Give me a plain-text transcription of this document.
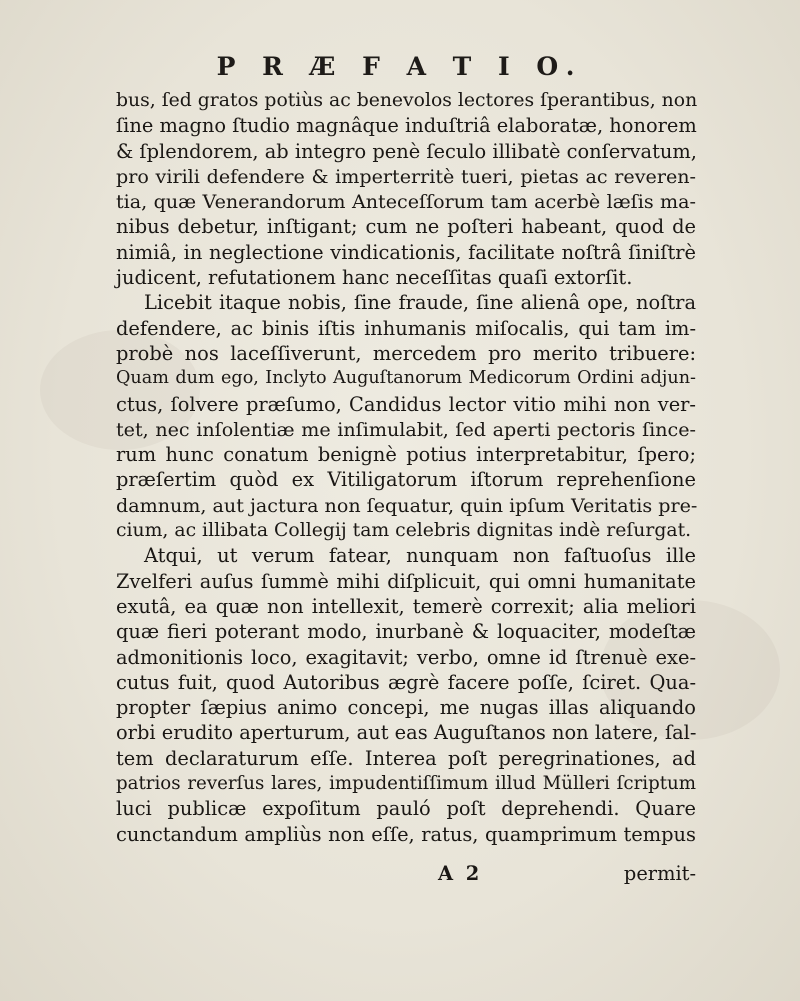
P R Æ F A T I O.
bus, ſed gratos potiùs ac benevolos lectores ſperantibus, non
ſine magno ſtudio magnâque induſtriâ elaboratæ, honorem
& ſplendorem, ab integro penè ſeculo illibatè conſervatum,
pro virili defendere & imperterritè tueri, pietas ac reveren-
tia, quæ Venerandorum Anteceſſorum tam acerbè læſis ma-
nibus debetur, inſtigant; cum ne poſteri habeant, quod de
nimiâ, in neglectione vindicationis, facilitate noſtrâ ſiniſtrè
judicent, refutationem hanc neceſſitas quaſi extorſit.
Licebit itaque nobis, ſine fraude, ſine alienâ ope, noſtra
defendere, ac binis iſtis inhumanis miſocalis, qui tam im-
probè nos laceſſiverunt, mercedem pro merito tribuere:
Quam dum ego, Inclyto Auguſtanorum Medicorum Ordini adjun-
ctus, ſolvere præſumo, Candidus lector vitio mihi non ver-
tet, nec inſolentiæ me inſimulabit, ſed aperti pectoris ſince-
rum hunc conatum benignè potius interpretabitur, ſpero;
præſertim quòd ex Vitiligatorum iſtorum reprehenſione
damnum, aut jactura non ſequatur, quin ipſum Veritatis pre-
cium, ac illibata Collegij tam celebris dignitas indè reſurgat.
Atqui, ut verum fatear, nunquam non faſtuoſus ille
Zvelferi auſus ſummè mihi diſplicuit, qui omni humanitate
exutâ, ea quæ non intellexit, temerè correxit; alia meliori
quæ fieri poterant modo, inurbanè & loquaciter, modeſtæ
admonitionis loco, exagitavit; verbo, omne id ſtrenuè exe-
cutus fuit, quod Autoribus ægrè facere poſſe, ſciret. Qua-
propter ſæpius animo concepi, me nugas illas aliquando
orbi erudito aperturum, aut eas Auguſtanos non latere, ſal-
tem declaraturum eſſe. Interea poſt peregrinationes, ad
patrios reverſus lares, impudentiſſimum illud Mülleri ſcriptum
luci publicæ expoſitum pauló poſt deprehendi. Quare
cunctandum ampliùs non eſſe, ratus, quamprimum tempus
A 2	permit-
